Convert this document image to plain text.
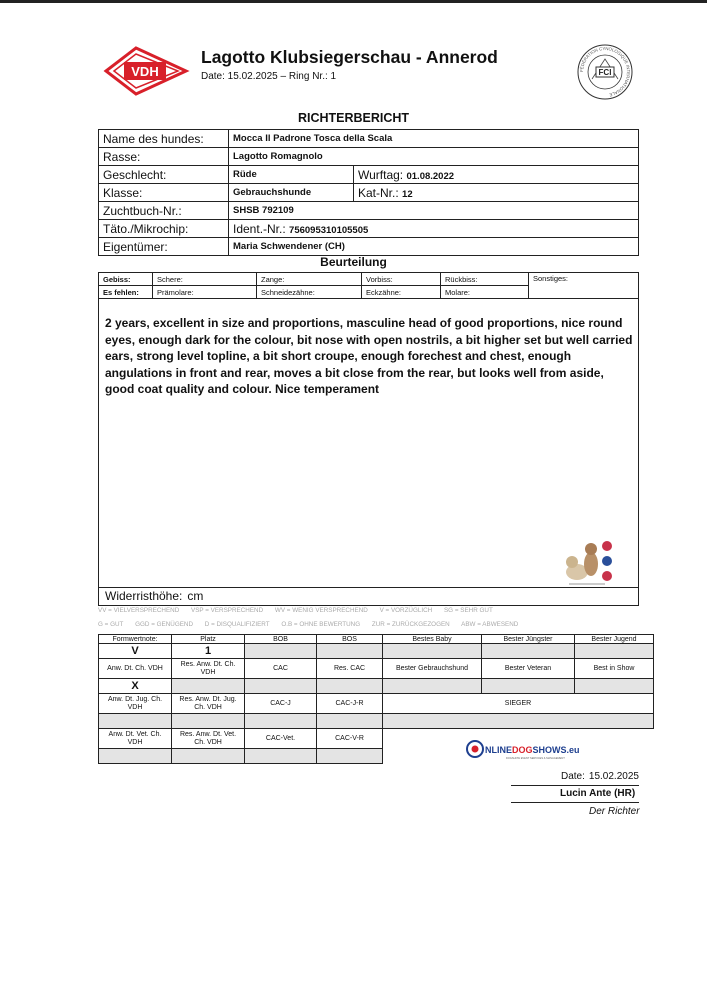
VDH
Lagotto Klubsiegerschau - Annerod
Date: 15.02.2025 – Ring Nr.: 1
FÉDÉRATION CYNOLOGIQUE INTERNATIONALE
FCI
RICHTERBERICHT
Name des hundes:	Mocca Il Padrone Tosca della Scala	
Rasse:	Lagotto Romagnolo	
Geschlecht:	Rüde	Wurftag: 01.08.2022
Klasse:	Gebrauchshunde	Kat-Nr.: 12
Zuchtbuch-Nr.:	SHSB 792109	
Täto./Mikrochip:	Ident.-Nr.: 756095310105505	
Eigentümer:	Maria Schwendener (CH)	
Beurteilung
Gebiss:	Schere:	Zange:	Vorbiss:	Rückbiss:	Sonstiges:
Es fehlen:	Prämolare:	Schneidezähne:	Eckzähne:	Molare:	
2 years, excellent in size and proportions, masculine head of good proportions, nice round eyes, enough dark for the colour, bit nose with open nostrils, a bit higher set but well carried ears, strong level topline, a bit short croupe, enough forechest and chest, enough angulations in front and rear, moves a bit close from the rear, but looks well from aside, good coat quality and colour. Nice temperament
Widerristhöhe: cm
VV = VIELVERSPRECHEND VSP = VERSPRECHEND WV = WENIG VERSPRECHEND V = VORZÜGLICH SG = SEHR GUT
G = GUT GGD = GENÜGEND D = DISQUALIFIZIERT O.B = OHNE BEWERTUNG ZUR = ZURÜCKGEZOGEN ABW = ABWESEND
Formwertnote:	Platz	BOB	BOS	Bestes Baby	Bester Jüngster	Bester Jugend
V	1					
Anw. Dt. Ch. VDH	Res. Anw. Dt. Ch. VDH	CAC	Res. CAC	Bester Gebrauchshund	Bester Veteran	Best in Show
X						
Anw. Dt. Jug. Ch. VDH	Res. Anw. Dt. Jug. Ch. VDH	CAC-J	CAC-J-R	SIEGER		

Anw. Dt. Vet. Ch. VDH	Res. Anw. Dt. Vet. Ch. VDH	CAC-Vet.	CAC-V-R			

NLINEDOGSHOWS.eu
DOGSHOW EVENT SERVICES & MANAGEMENT
Date: 15.02.2025
Lucin Ante (HR)
Der Richter
